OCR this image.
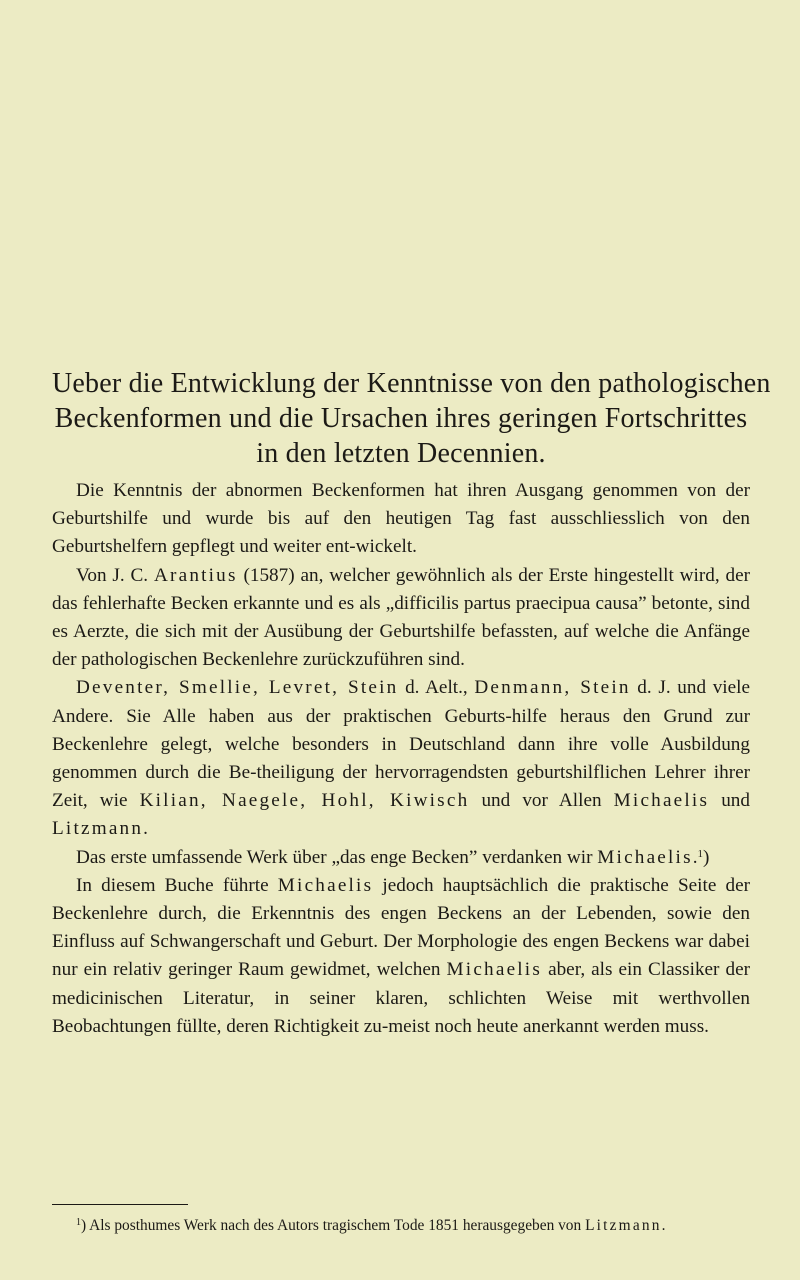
Ueber die Entwicklung der Kenntnisse von den pathologischen
Beckenformen und die Ursachen ihres geringen Fortschrittes
in den letzten Decennien.

Die Kenntnis der abnormen Beckenformen hat ihren Ausgang genommen von der Geburtshilfe und wurde bis auf den heutigen Tag fast ausschliesslich von den Geburtshelfern gepflegt und weiter ent-wickelt.

Von J. C. Arantius (1587) an, welcher gewöhnlich als der Erste hingestellt wird, der das fehlerhafte Becken erkannte und es als „difficilis partus praecipua causa” betonte, sind es Aerzte, die sich mit der Ausübung der Geburtshilfe befassten, auf welche die Anfänge der pathologischen Beckenlehre zurückzuführen sind.

Deventer, Smellie, Levret, Stein d. Aelt., Denmann, Stein d. J. und viele Andere. Sie Alle haben aus der praktischen Geburts-hilfe heraus den Grund zur Beckenlehre gelegt, welche besonders in Deutschland dann ihre volle Ausbildung genommen durch die Be-theiligung der hervorragendsten geburtshilflichen Lehrer ihrer Zeit, wie Kilian, Naegele, Hohl, Kiwisch und vor Allen Michaelis und Litzmann.

Das erste umfassende Werk über „das enge Becken” verdanken wir Michaelis.$^1$)

In diesem Buche führte Michaelis jedoch hauptsächlich die praktische Seite der Beckenlehre durch, die Erkenntnis des engen Beckens an der Lebenden, sowie den Einfluss auf Schwangerschaft und Geburt. Der Morphologie des engen Beckens war dabei nur ein relativ geringer Raum gewidmet, welchen Michaelis aber, als ein Classiker der medicinischen Literatur, in seiner klaren, schlichten Weise mit werthvollen Beobachtungen füllte, deren Richtigkeit zu-meist noch heute anerkannt werden muss.

$^1$) Als posthumes Werk nach des Autors tragischem Tode 1851 herausgegeben von Litzmann.
